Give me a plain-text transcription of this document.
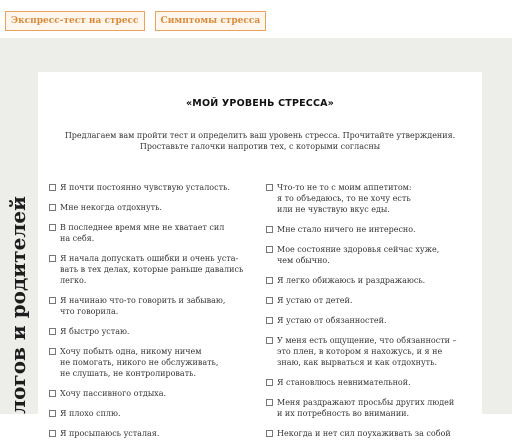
Экспресс-тест на стресс	Симптомы стресса
логов и родителей
«МОЙ УРОВЕНЬ СТРЕССА»
Предлагаем вам пройти тест и определить ваш уровень стресса. Прочитайте утверждения.
Проставьте галочки напротив тех, с которыми согласны
Я почти постоянно чувствую усталость.
Мне некогда отдохнуть.
В последнее время мне не хватает сил
на себя.
Я начала допускать ошибки и очень уста-
вать в тех делах, которые раньше давались
легко.
Я начинаю что-то говорить и забываю,
что говорила.
Я быстро устаю.
Хочу побыть одна, никому ничем
не помогать, никого не обслуживать,
не слушать, не контролировать.
Хочу пассивного отдыха.
Я плохо сплю.
Я просыпаюсь усталая.
Что-то не то с моим аппетитом:
я то объедаюсь, то не хочу есть
или не чувствую вкус еды.
Мне стало ничего не интересно.
Мое состояние здоровья сейчас хуже,
чем обычно.
Я легко обижаюсь и раздражаюсь.
Я устаю от детей.
Я устаю от обязанностей.
У меня есть ощущение, что обязанности –
это плен, в котором я нахожусь, и я не
знаю, как вырваться и как отдохнуть.
Я становлюсь невнимательной.
Меня раздражают просьбы других людей
и их потребность во внимании.
Некогда и нет сил поухаживать за собой
